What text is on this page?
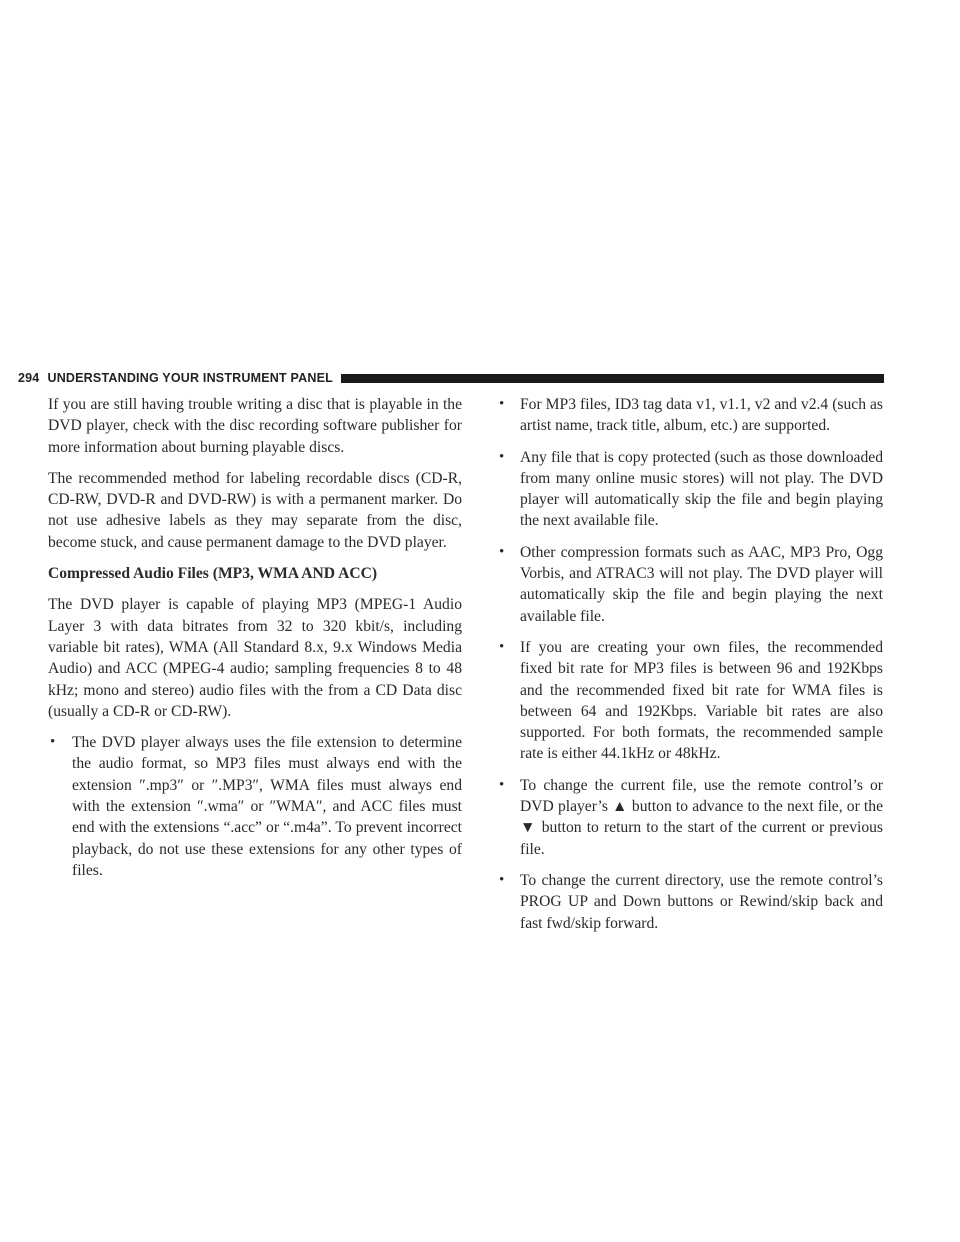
294 UNDERSTANDING YOUR INSTRUMENT PANEL

If you are still having trouble writing a disc that is playable in the DVD player, check with the disc recording software publisher for more information about burning playable discs.

The recommended method for labeling recordable discs (CD-R, CD-RW, DVD-R and DVD-RW) is with a permanent marker. Do not use adhesive labels as they may separate from the disc, become stuck, and cause permanent damage to the DVD player.

Compressed Audio Files (MP3, WMA AND ACC)

The DVD player is capable of playing MP3 (MPEG-1 Audio Layer 3 with data bitrates from 32 to 320 kbit/s, including variable bit rates), WMA (All Standard 8.x, 9.x Windows Media Audio) and ACC (MPEG-4 audio; sampling frequencies 8 to 48 kHz; mono and stereo) audio files with the from a CD Data disc (usually a CD-R or CD-RW).

• The DVD player always uses the file extension to determine the audio format, so MP3 files must always end with the extension ″.mp3″ or ″.MP3″, WMA files must always end with the extension ″.wma″ or ″WMA″, and ACC files must end with the extensions “.acc” or “.m4a”. To prevent incorrect playback, do not use these extensions for any other types of files.
• For MP3 files, ID3 tag data v1, v1.1, v2 and v2.4 (such as artist name, track title, album, etc.) are supported.
• Any file that is copy protected (such as those downloaded from many online music stores) will not play. The DVD player will automatically skip the file and begin playing the next available file.
• Other compression formats such as AAC, MP3 Pro, Ogg Vorbis, and ATRAC3 will not play. The DVD player will automatically skip the file and begin playing the next available file.
• If you are creating your own files, the recommended fixed bit rate for MP3 files is between 96 and 192Kbps and the recommended fixed bit rate for WMA files is between 64 and 192Kbps. Variable bit rates are also supported. For both formats, the recommended sample rate is either 44.1kHz or 48kHz.
• To change the current file, use the remote control’s or DVD player’s ▲ button to advance to the next file, or the ▼ button to return to the start of the current or previous file.
• To change the current directory, use the remote control’s PROG UP and Down buttons or Rewind/skip back and fast fwd/skip forward.
